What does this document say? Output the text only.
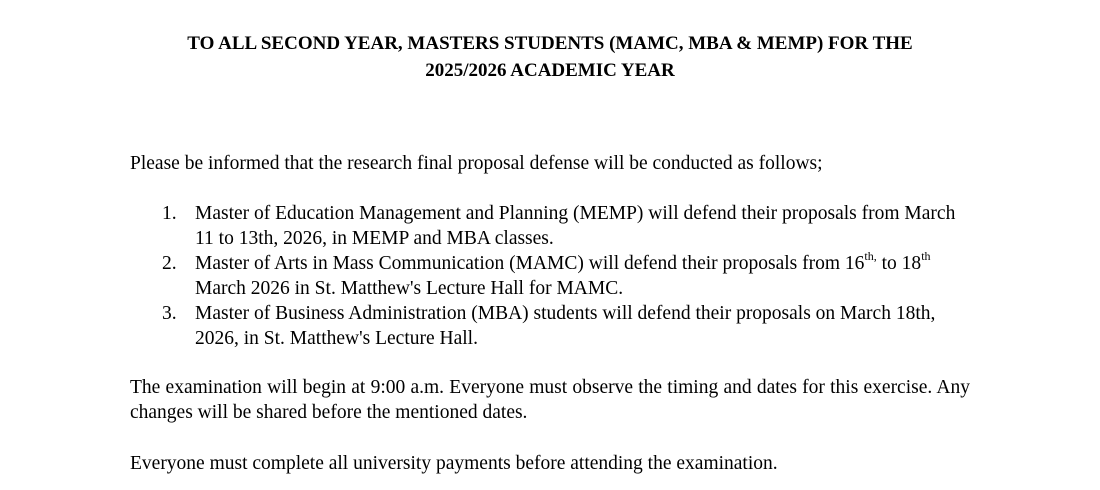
TO ALL SECOND YEAR, MASTERS STUDENTS (MAMC, MBA & MEMP) FOR THE

2025/2026 ACADEMIC YEAR

Please be informed that the research final proposal defense will be conducted as follows;

1. Master of Education Management and Planning (MEMP) will defend their proposals from March 11 to 13th, 2026, in MEMP and MBA classes.
2. Master of Arts in Mass Communication (MAMC) will defend their proposals from $16^{th,}$ to 18th March 2026 in St. Matthew's Lecture Hall for MAMC.
3. Master of Business Administration (MBA) students will defend their proposals on March 18th, 2026, in St. Matthew's Lecture Hall.

The examination will begin at 9:00 a.m. Everyone must observe the timing and dates for this exercise. Any changes will be shared before the mentioned dates.

Everyone must complete all university payments before attending the examination.
